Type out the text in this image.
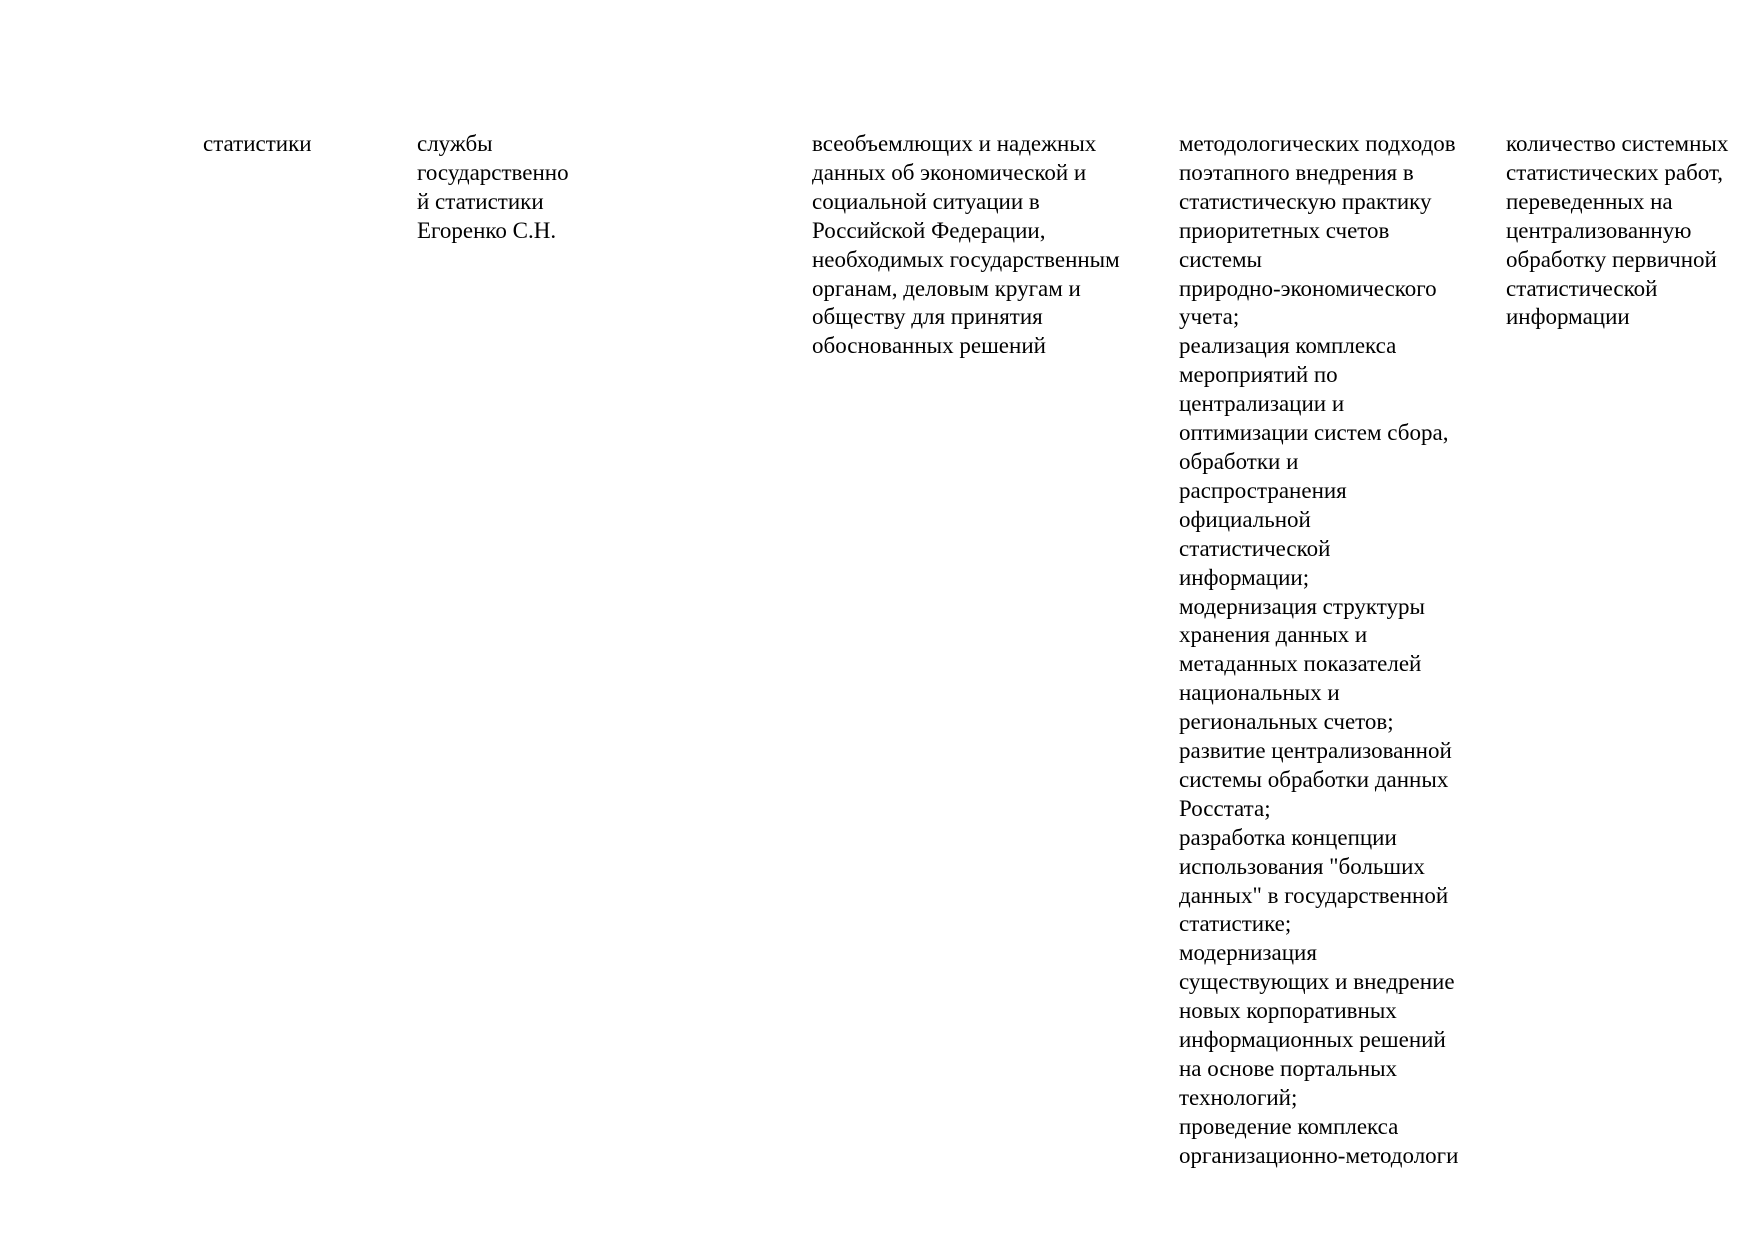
статистики	службы
государственно
й статистики
Егоренко С.Н.
всеобъемлющих и надежных
данных об экономической и
социальной ситуации в
Российской Федерации,
необходимых государственным
органам, деловым кругам и
обществу для принятия
обоснованных решений
методологических подходов
поэтапного внедрения в
статистическую практику
приоритетных счетов
системы
природно-экономического
учета;
реализация комплекса
мероприятий по
централизации и
оптимизации систем сбора,
обработки и
распространения
официальной
статистической
информации;
модернизация структуры
хранения данных и
метаданных показателей
национальных и
региональных счетов;
развитие централизованной
системы обработки данных
Росстата;
разработка концепции
использования "больших
данных" в государственной
статистике;
модернизация
существующих и внедрение
новых корпоративных
информационных решений
на основе портальных
технологий;
проведение комплекса
организационно-методологи
количество системных
статистических работ,
переведенных на
централизованную
обработку первичной
статистической
информации
